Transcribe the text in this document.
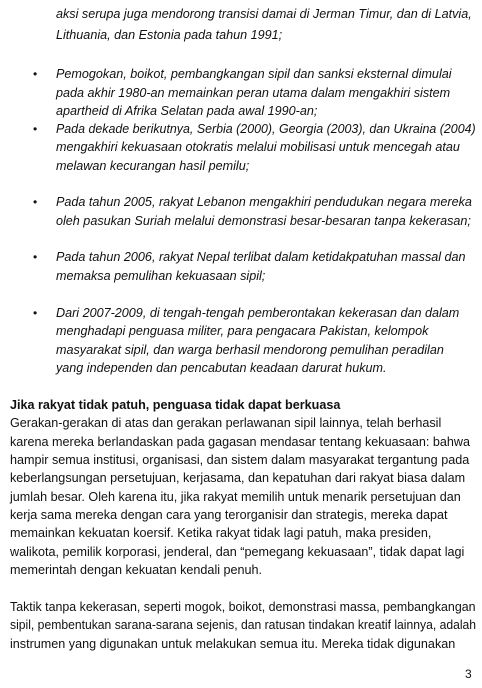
aksi serupa juga mendorong transisi damai di Jerman Timur, dan di Latvia,
Lithuania, dan Estonia pada tahun 1991;
• Pemogokan, boikot, pembangkangan sipil dan sanksi eksternal dimulai
pada akhir 1980-an memainkan peran utama dalam mengakhiri sistem
apartheid di Afrika Selatan pada awal 1990-an;
• Pada dekade berikutnya, Serbia (2000), Georgia (2003), dan Ukraina (2004)
mengakhiri kekuasaan otokratis melalui mobilisasi untuk mencegah atau
melawan kecurangan hasil pemilu;
• Pada tahun 2005, rakyat Lebanon mengakhiri pendudukan negara mereka
oleh pasukan Suriah melalui demonstrasi besar-besaran tanpa kekerasan;
• Pada tahun 2006, rakyat Nepal terlibat dalam ketidakpatuhan massal dan
memaksa pemulihan kekuasaan sipil;
• Dari 2007-2009, di tengah-tengah pemberontakan kekerasan dan dalam
menghadapi penguasa militer, para pengacara Pakistan, kelompok
masyarakat sipil, dan warga berhasil mendorong pemulihan peradilan
yang independen dan pencabutan keadaan darurat hukum.
Jika rakyat tidak patuh, penguasa tidak dapat berkuasa
Gerakan-gerakan di atas dan gerakan perlawanan sipil lainnya, telah berhasil
karena mereka berlandaskan pada gagasan mendasar tentang kekuasaan: bahwa
hampir semua institusi, organisasi, dan sistem dalam masyarakat tergantung pada
keberlangsungan persetujuan, kerjasama, dan kepatuhan dari rakyat biasa dalam
jumlah besar. Oleh karena itu, jika rakyat memilih untuk menarik persetujuan dan
kerja sama mereka dengan cara yang terorganisir dan strategis, mereka dapat
memainkan kekuatan koersif. Ketika rakyat tidak lagi patuh, maka presiden,
walikota, pemilik korporasi, jenderal, dan “pemegang kekuasaan”, tidak dapat lagi
memerintah dengan kekuatan kendali penuh.
Taktik tanpa kekerasan, seperti mogok, boikot, demonstrasi massa, pembangkangan
sipil, pembentukan sarana-sarana sejenis, dan ratusan tindakan kreatif lainnya, adalah
instrumen yang digunakan untuk melakukan semua itu. Mereka tidak digunakan
3
